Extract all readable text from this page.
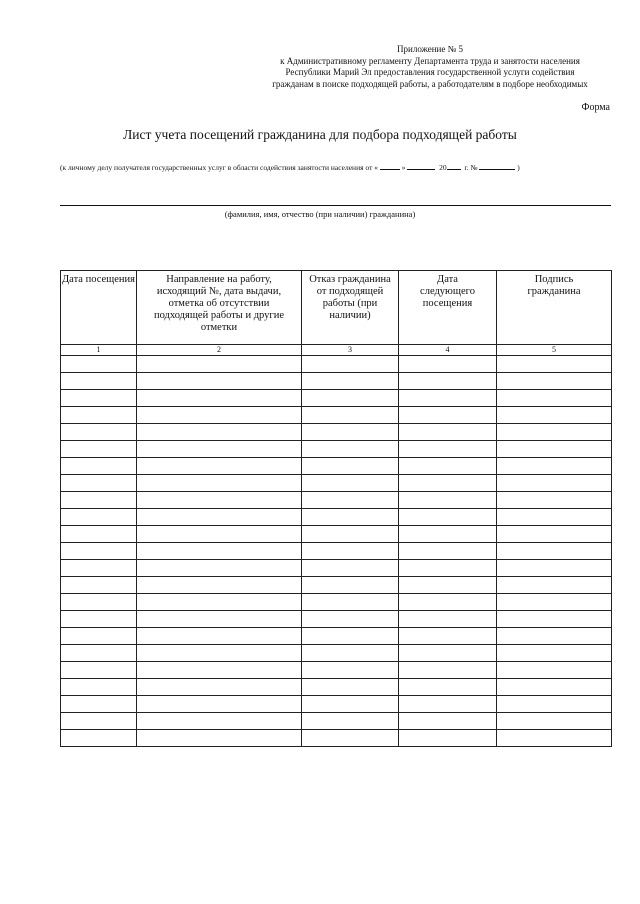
Приложение № 5
к Административному регламенту Департамента труда и занятости населения
Республики Марий Эл предоставления государственной услуги содействия
гражданам в поиске подходящей работы, а работодателям в подборе необходимых
Форма
Лист учета посещений гражданина для подбора подходящей работы
(к личному делу получателя государственных услуг в области содействия занятости населения от «	»	20 г. №	)
(фамилия, имя, отчество (при наличии) гражданина)
Дата посещения	Направление на работу, исходящий №, дата выдачи, отметка об отсутствии подходящей работы и другие отметки	Отказ гражданина от подходящей работы (при наличии)	Дата следующего посещения	Подпись гражданина
1	2	3	4	5
